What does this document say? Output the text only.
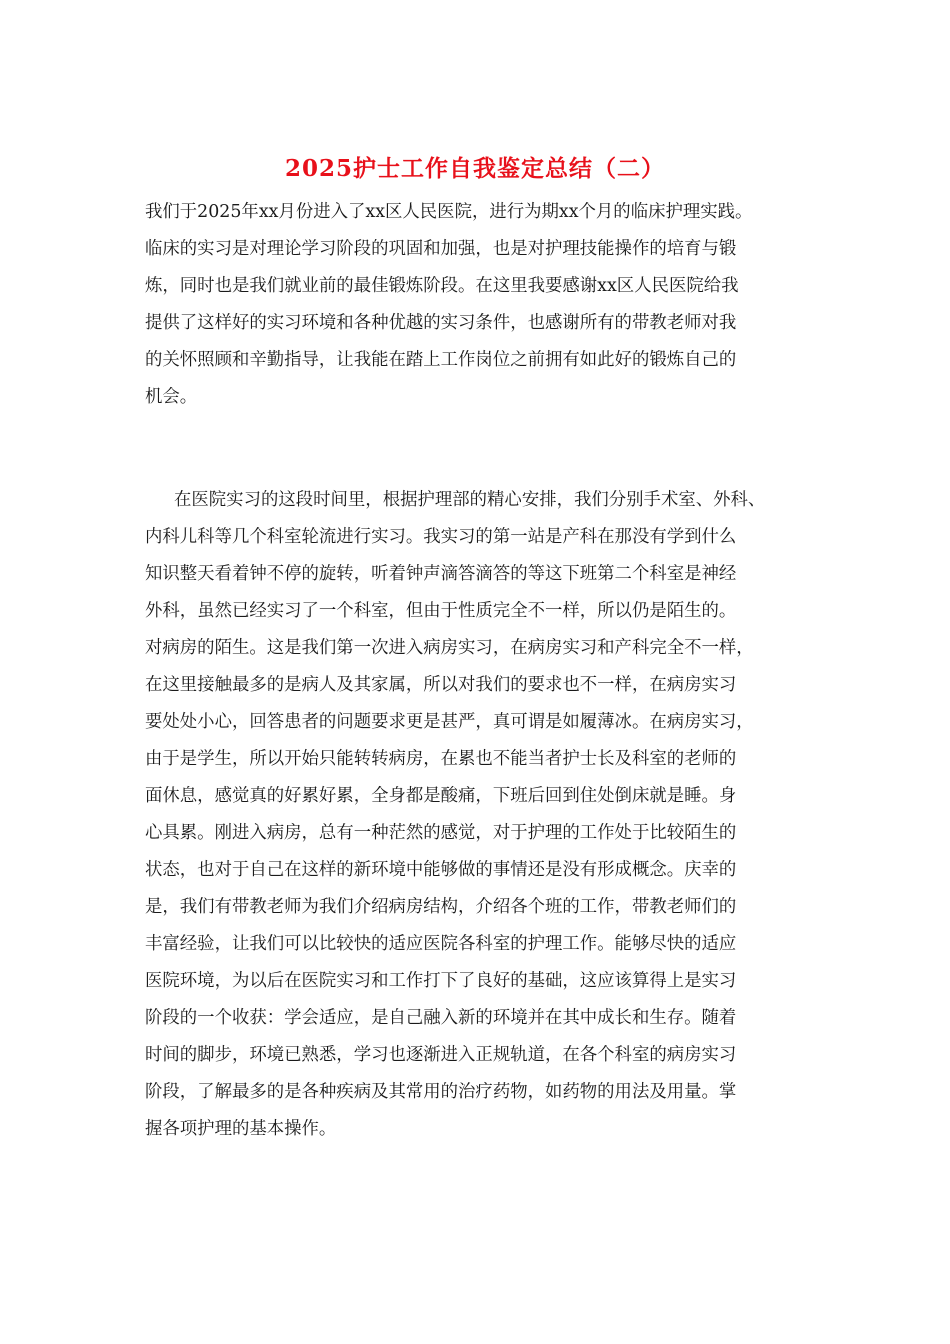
2025护士工作自我鉴定总结（二）
我们于2025年xx月份进入了xx区人民医院，进行为期xx个月的临床护理实践。
临床的实习是对理论学习阶段的巩固和加强，也是对护理技能操作的培育与锻
炼，同时也是我们就业前的最佳锻炼阶段。在这里我要感谢xx区人民医院给我
提供了这样好的实习环境和各种优越的实习条件，也感谢所有的带教老师对我
的关怀照顾和辛勤指导，让我能在踏上工作岗位之前拥有如此好的锻炼自己的
机会。
在医院实习的这段时间里，根据护理部的精心安排，我们分别手术室、外科、
内科儿科等几个科室轮流进行实习。我实习的第一站是产科在那没有学到什么
知识整天看着钟不停的旋转，听着钟声滴答滴答的等这下班第二个科室是神经
外科，虽然已经实习了一个科室，但由于性质完全不一样，所以仍是陌生的。
对病房的陌生。这是我们第一次进入病房实习，在病房实习和产科完全不一样，
在这里接触最多的是病人及其家属，所以对我们的要求也不一样，在病房实习
要处处小心，回答患者的问题要求更是甚严，真可谓是如履薄冰。在病房实习，
由于是学生，所以开始只能转转病房，在累也不能当者护士长及科室的老师的
面休息，感觉真的好累好累，全身都是酸痛，下班后回到住处倒床就是睡。身
心具累。刚进入病房，总有一种茫然的感觉，对于护理的工作处于比较陌生的
状态，也对于自己在这样的新环境中能够做的事情还是没有形成概念。庆幸的
是，我们有带教老师为我们介绍病房结构，介绍各个班的工作，带教老师们的
丰富经验，让我们可以比较快的适应医院各科室的护理工作。能够尽快的适应
医院环境，为以后在医院实习和工作打下了良好的基础，这应该算得上是实习
阶段的一个收获：学会适应，是自己融入新的环境并在其中成长和生存。随着
时间的脚步，环境已熟悉，学习也逐渐进入正规轨道，在各个科室的病房实习
阶段，了解最多的是各种疾病及其常用的治疗药物，如药物的用法及用量。掌
握各项护理的基本操作。
